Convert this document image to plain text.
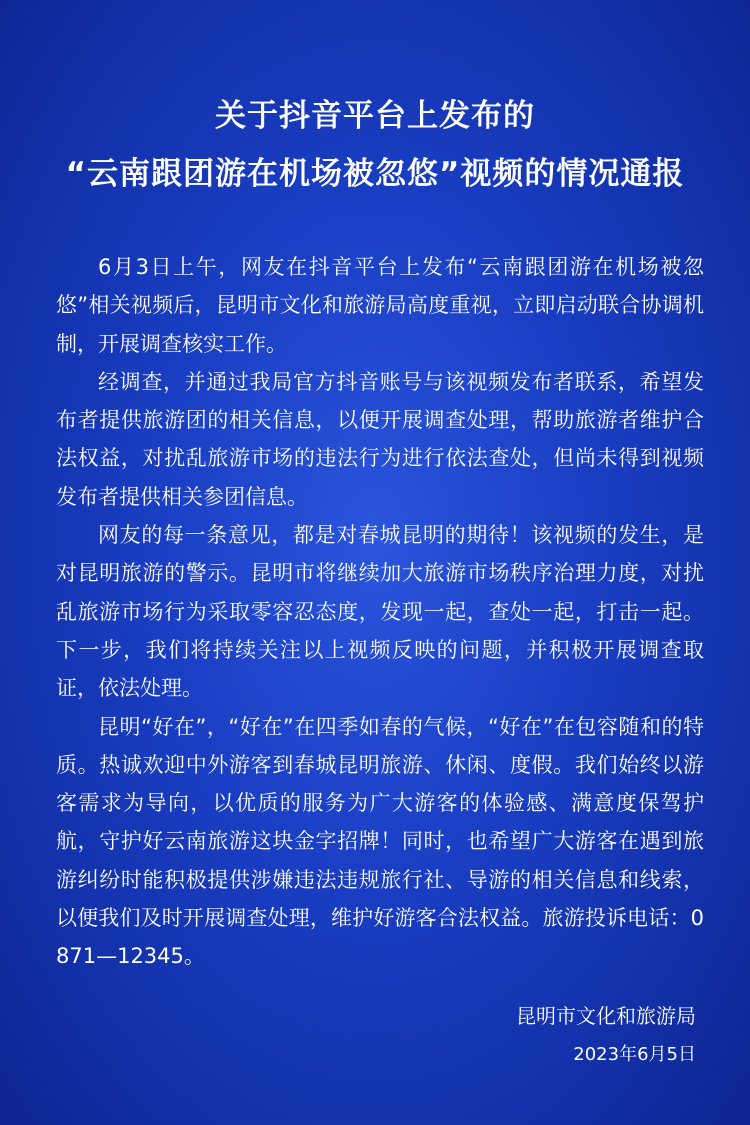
关于抖音平台上发布的
“云南跟团游在机场被忽悠”视频的情况通报

6月3日上午，网友在抖音平台上发布“云南跟团游在机场被忽悠”相关视频后，昆明市文化和旅游局高度重视，立即启动联合协调机制，开展调查核实工作。

经调查，并通过我局官方抖音账号与该视频发布者联系，希望发布者提供旅游团的相关信息，以便开展调查处理，帮助旅游者维护合法权益，对扰乱旅游市场的违法行为进行依法查处，但尚未得到视频发布者提供相关参团信息。

网友的每一条意见，都是对春城昆明的期待！该视频的发生，是对昆明旅游的警示。昆明市将继续加大旅游市场秩序治理力度，对扰乱旅游市场行为采取零容忍态度，发现一起，查处一起，打击一起。下一步，我们将持续关注以上视频反映的问题，并积极开展调查取证，依法处理。

昆明“好在”，“好在”在四季如春的气候，“好在”在包容随和的特质。热诚欢迎中外游客到春城昆明旅游、休闲、度假。我们始终以游客需求为导向，以优质的服务为广大游客的体验感、满意度保驾护航，守护好云南旅游这块金字招牌！同时，也希望广大游客在遇到旅游纠纷时能积极提供涉嫌违法违规旅行社、导游的相关信息和线索，以便我们及时开展调查处理，维护好游客合法权益。旅游投诉电话：0871—12345。

昆明市文化和旅游局
2023年6月5日
